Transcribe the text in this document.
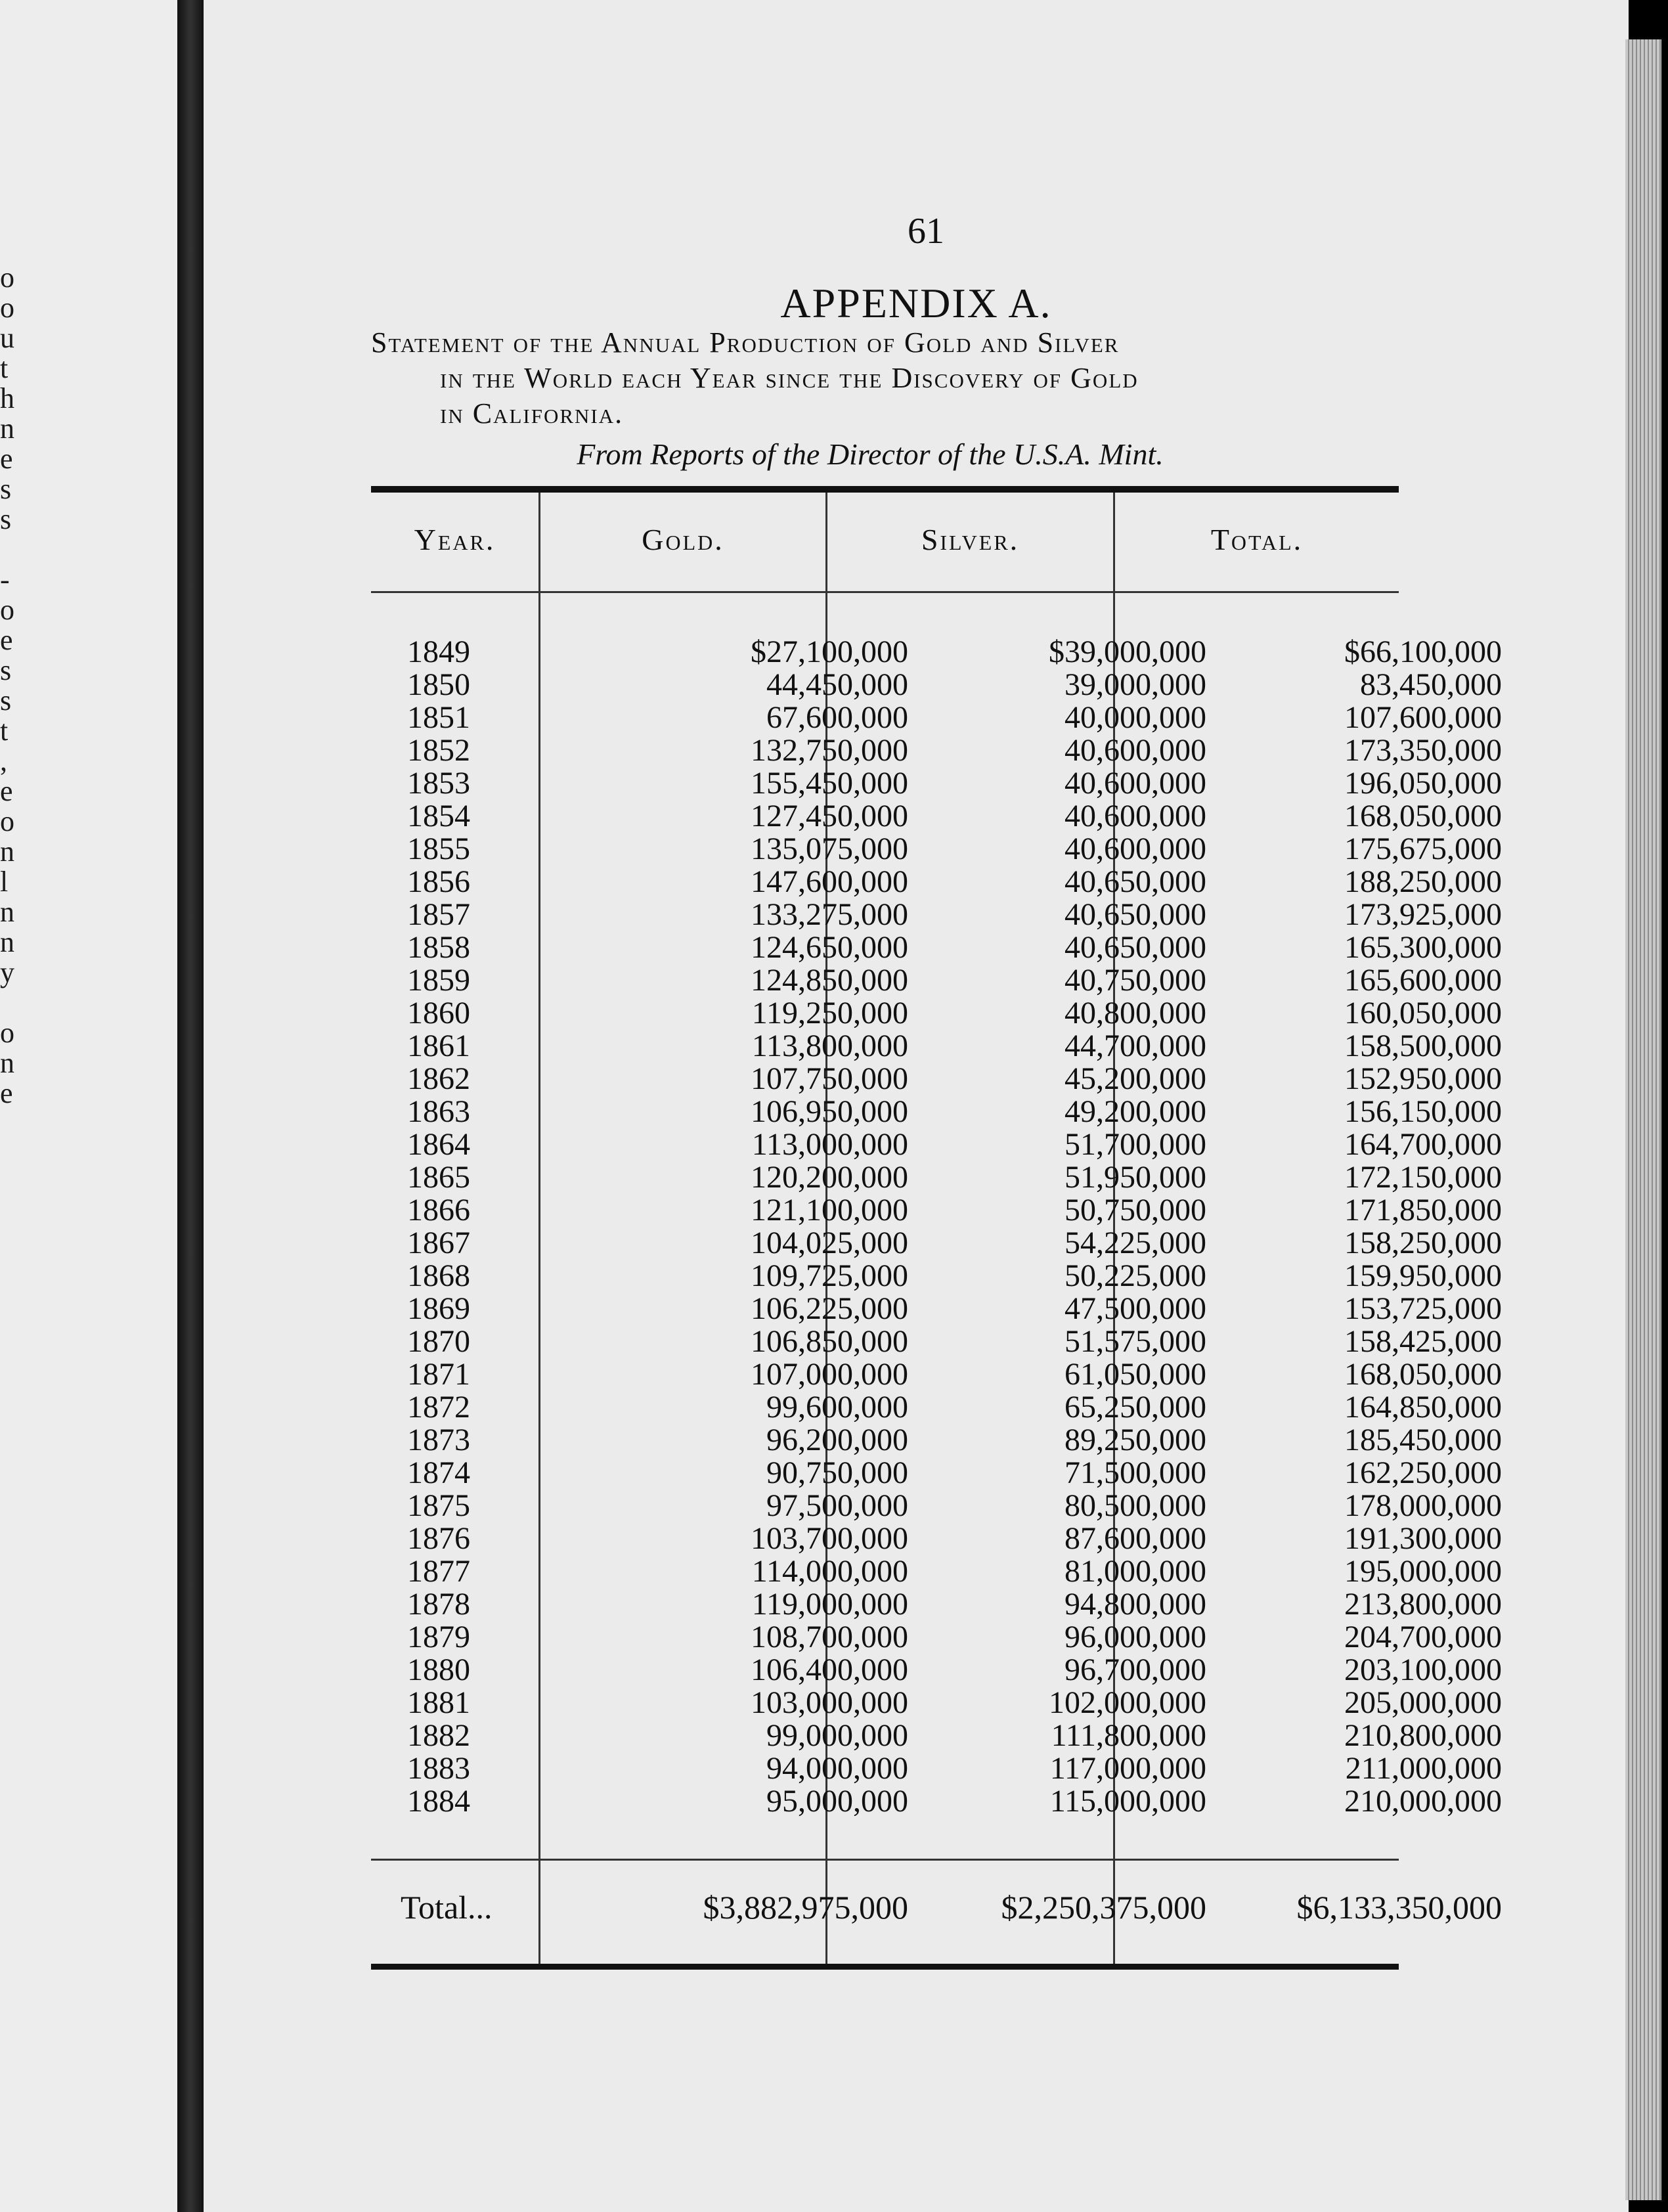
o
o
u
t
h
n
e
s
s
-
o
e
s
s
t
,
e
o
n
l
n
n
y
o
n
e
61
APPENDIX A.
Statement of the Annual Production of Gold and Silver
in the World each Year since the Discovery of Gold
in California.
From Reports of the Director of the U.S.A. Mint.
Year.	Gold.	Silver.	Total.
1849	$27,100,000	$39,000,000	$66,100,000
1850	44,450,000	39,000,000	83,450,000
1851	67,600,000	40,000,000	107,600,000
1852	132,750,000	40,600,000	173,350,000
1853	155,450,000	40,600,000	196,050,000
1854	127,450,000	40,600,000	168,050,000
1855	135,075,000	40,600,000	175,675,000
1856	147,600,000	40,650,000	188,250,000
1857	133,275,000	40,650,000	173,925,000
1858	124,650,000	40,650,000	165,300,000
1859	124,850,000	40,750,000	165,600,000
1860	119,250,000	40,800,000	160,050,000
1861	113,800,000	44,700,000	158,500,000
1862	107,750,000	45,200,000	152,950,000
1863	106,950,000	49,200,000	156,150,000
1864	113,000,000	51,700,000	164,700,000
1865	120,200,000	51,950,000	172,150,000
1866	121,100,000	50,750,000	171,850,000
1867	104,025,000	54,225,000	158,250,000
1868	109,725,000	50,225,000	159,950,000
1869	106,225,000	47,500,000	153,725,000
1870	106,850,000	51,575,000	158,425,000
1871	107,000,000	61,050,000	168,050,000
1872	99,600,000	65,250,000	164,850,000
1873	96,200,000	89,250,000	185,450,000
1874	90,750,000	71,500,000	162,250,000
1875	97,500,000	80,500,000	178,000,000
1876	103,700,000	87,600,000	191,300,000
1877	114,000,000	81,000,000	195,000,000
1878	119,000,000	94,800,000	213,800,000
1879	108,700,000	96,000,000	204,700,000
1880	106,400,000	96,700,000	203,100,000
1881	103,000,000	102,000,000	205,000,000
1882	99,000,000	111,800,000	210,800,000
1883	94,000,000	117,000,000	211,000,000
1884	95,000,000	115,000,000	210,000,000
Total...	$3,882,975,000	$2,250,375,000	$6,133,350,000
